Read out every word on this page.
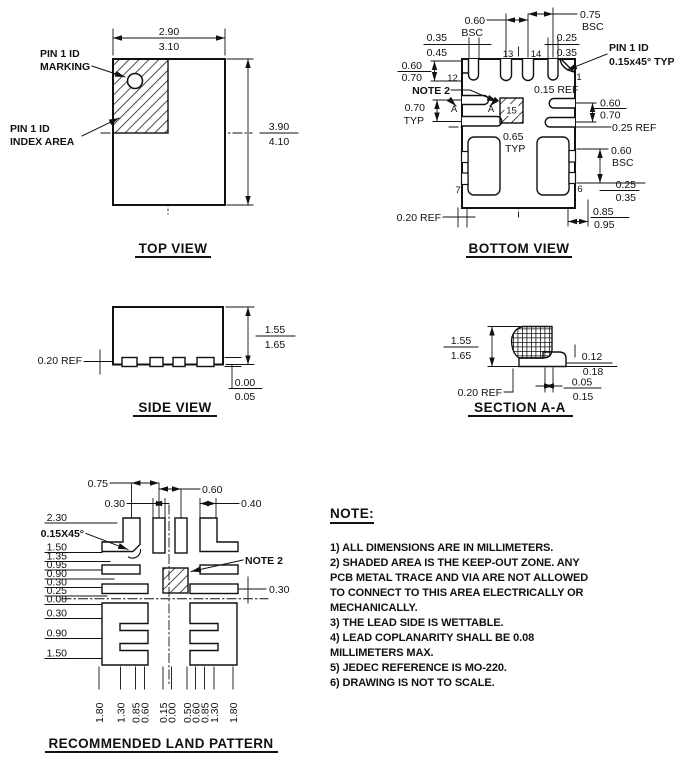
2.90
3.10
3.90
4.10
PIN 1 ID
MARKING
PIN 1 ID
INDEX AREA
TOP VIEW
0.60
BSC
0.75
BSC
0.35
0.45
0.25
0.35
0.60
0.70
NOTE 2
0.70
TYP
0.15 REF
0.60
0.70
0.25 REF
0.65
TYP	0.60
BSC
0.25
0.35
0.85
0.95
0.20 REF
PIN 1 ID
0.15x45° TYP
12	1
13 14
7	6
15
A	A
BOTTOM VIEW
0.20 REF
1.55
1.65
0.00
0.05
SIDE VIEW
1.55
1.65	0.12
0.18
0.05
0.15
0.20 REF
SECTION A-A
0.75
0.30
0.60
0.40
2.30
0.15X45°
1.50
1.35
0.95
0.90
0.30
0.25
0.00
0.30
0.90
1.50
NOTE 2
0.30
1.80 1.30 0.85
0.60 0.15
0.00 0.50
0.60
0.85
1.30 1.80
RECOMMENDED LAND PATTERN
NOTE:
1) ALL DIMENSIONS ARE IN MILLIMETERS.
2) SHADED AREA IS THE KEEP-OUT ZONE. ANY
PCB METAL TRACE AND VIA ARE NOT ALLOWED
TO CONNECT TO THIS AREA ELECTRICALLY OR
MECHANICALLY.
3) THE LEAD SIDE IS WETTABLE.
4) LEAD COPLANARITY SHALL BE 0.08
MILLIMETERS MAX.
5) JEDEC REFERENCE IS MO-220.
6) DRAWING IS NOT TO SCALE.
